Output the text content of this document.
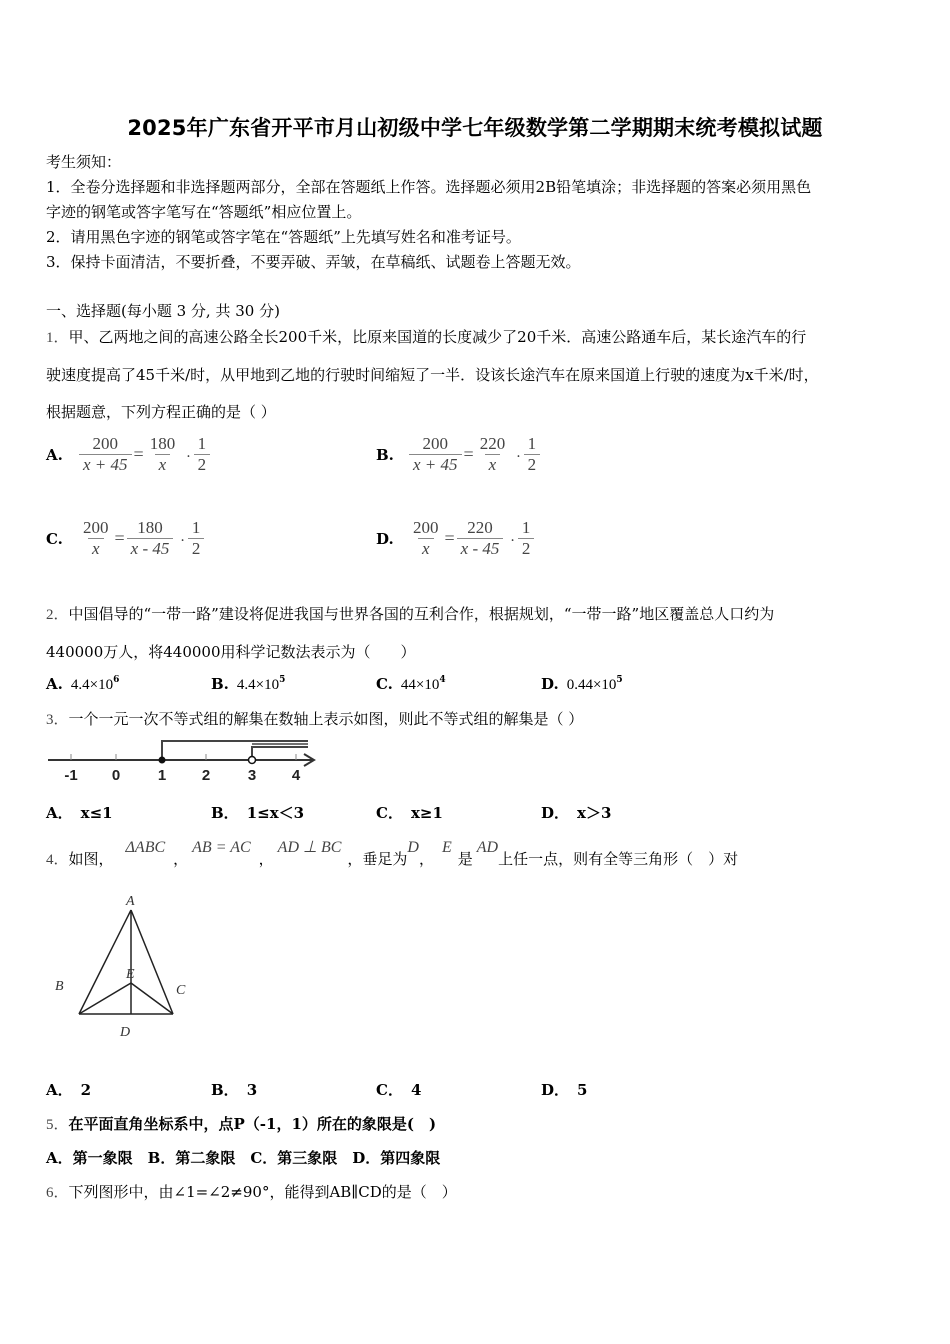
2025年广东省开平市月山初级中学七年级数学第二学期期末统考模拟试题
考生须知：
1．全卷分选择题和非选择题两部分，全部在答题纸上作答。选择题必须用2B铅笔填涂；非选择题的答案必须用黑色
字迹的钢笔或答字笔写在“答题纸”相应位置上。
2．请用黑色字迹的钢笔或答字笔在“答题纸”上先填写姓名和准考证号。
3．保持卡面清洁，不要折叠，不要弄破、弄皱，在草稿纸、试题卷上答题无效。
一、选择题(每小题 3 分, 共 30 分)
1．甲、乙两地之间的高速公路全长200千米，比原来国道的长度减少了20千米．高速公路通车后，某长途汽车的行
驶速度提高了45千米/时，从甲地到乙地的行驶时间缩短了一半．设该长途汽车在原来国道上行驶的速度为x千米/时，
根据题意，下列方程正确的是（ ）
A. $\frac{200}{x + 45} = \frac{180}{x} \cdot \frac{1}{2}$	B. $\frac{200}{x + 45} = \frac{220}{x} \cdot \frac{1}{2}$
C. $\frac{200}{x} = \frac{180}{x - 45} \cdot \frac{1}{2}$	D. $\frac{200}{x} = \frac{220}{x - 45} \cdot \frac{1}{2}$
2．中国倡导的“一带一路”建设将促进我国与世界各国的互利合作，根据规划，“一带一路”地区覆盖总人口约为
440000万人，将440000用科学记数法表示为（　　）
A. $4.4\times 10^6$	B. $4.4\times 10^5$	C. $44\times 10^4$	D. $0.44\times 10^5$
3．一个一元一次不等式组的解集在数轴上表示如图，则此不等式组的解集是（ ）
-1 0	1 2	3 4
A． x≤1	B． 1≤x＜3	C． x≥1	D． x＞3
4．如图，ΔABC，AB = AC，AD ⊥ BC，垂足为D，E是AD上任一点，则有全等三角形（　）对
A
B	C
E
D
A． 2	B． 3	C． 4	D． 5
5．在平面直角坐标系中，点P（-1，1）所在的象限是(　)
A．第一象限　B．第二象限　C．第三象限　D．第四象限
6．下列图形中，由∠1=∠2≠90°，能得到AB∥CD的是（　）
